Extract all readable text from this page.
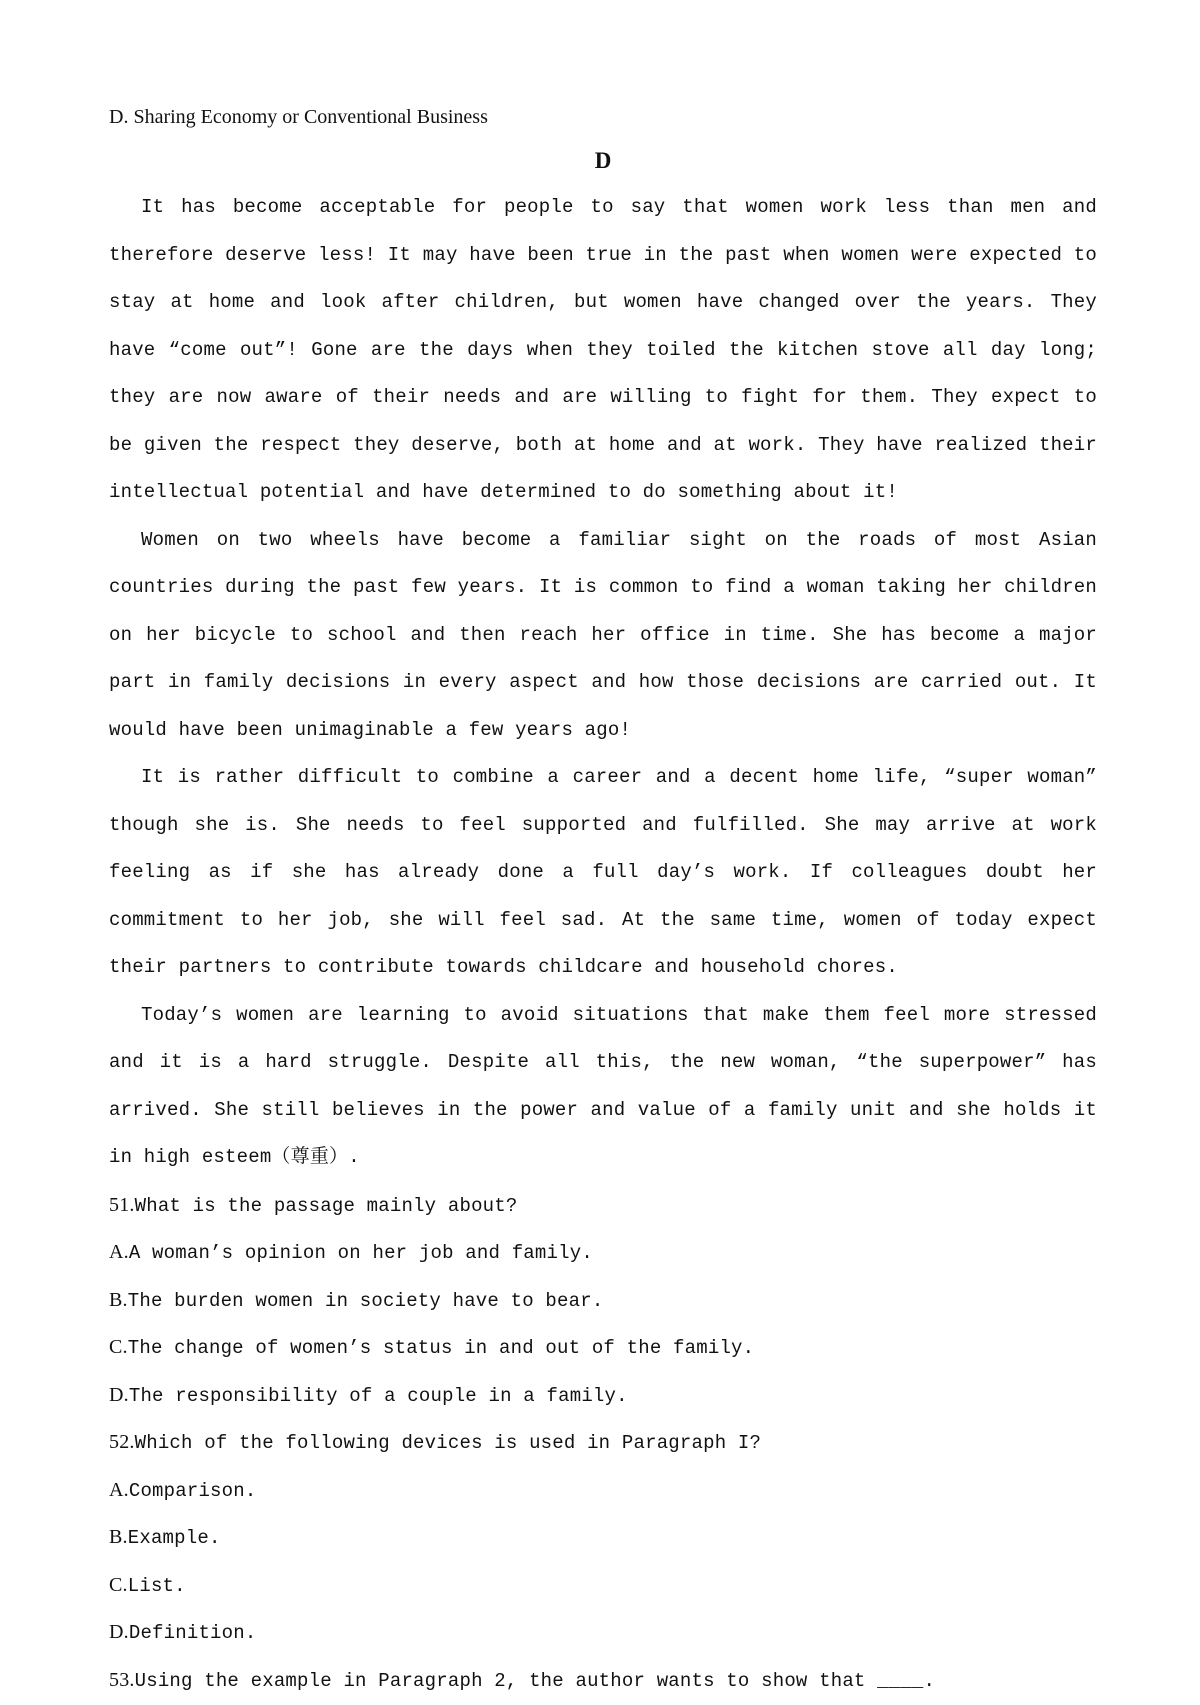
D. Sharing Economy or Conventional Business
D

It has become acceptable for people to say that women work less than men and therefore deserve less! It may have been true in the past when women were expected to stay at home and look after children, but women have changed over the years. They have “come out”! Gone are the days when they toiled the kitchen stove all day long; they are now aware of their needs and are willing to fight for them. They expect to be given the respect they deserve, both at home and at work. They have realized their intellectual potential and have determined to do something about it!

Women on two wheels have become a familiar sight on the roads of most Asian countries during the past few years. It is common to find a woman taking her children on her bicycle to school and then reach her office in time. She has become a major part in family decisions in every aspect and how those decisions are carried out. It would have been unimaginable a few years ago!

It is rather difficult to combine a career and a decent home life, “super woman” though she is. She needs to feel supported and fulfilled. She may arrive at work feeling as if she has already done a full day’s work. If colleagues doubt her commitment to her job, she will feel sad. At the same time, women of today expect their partners to contribute towards childcare and household chores.

Today’s women are learning to avoid situations that make them feel more stressed and it is a hard struggle. Despite all this, the new woman, “the superpower” has arrived. She still believes in the power and value of a family unit and she holds it in high esteem（尊重）.

51.What is the passage mainly about?
A.A woman’s opinion on her job and family.
B.The burden women in society have to bear.
C.The change of women’s status in and out of the family.
D.The responsibility of a couple in a family.
52.Which of the following devices is used in Paragraph I?
A.Comparison.
B.Example.
C.List.
D.Definition.
53.Using the example in Paragraph 2, the author wants to show that ____.
